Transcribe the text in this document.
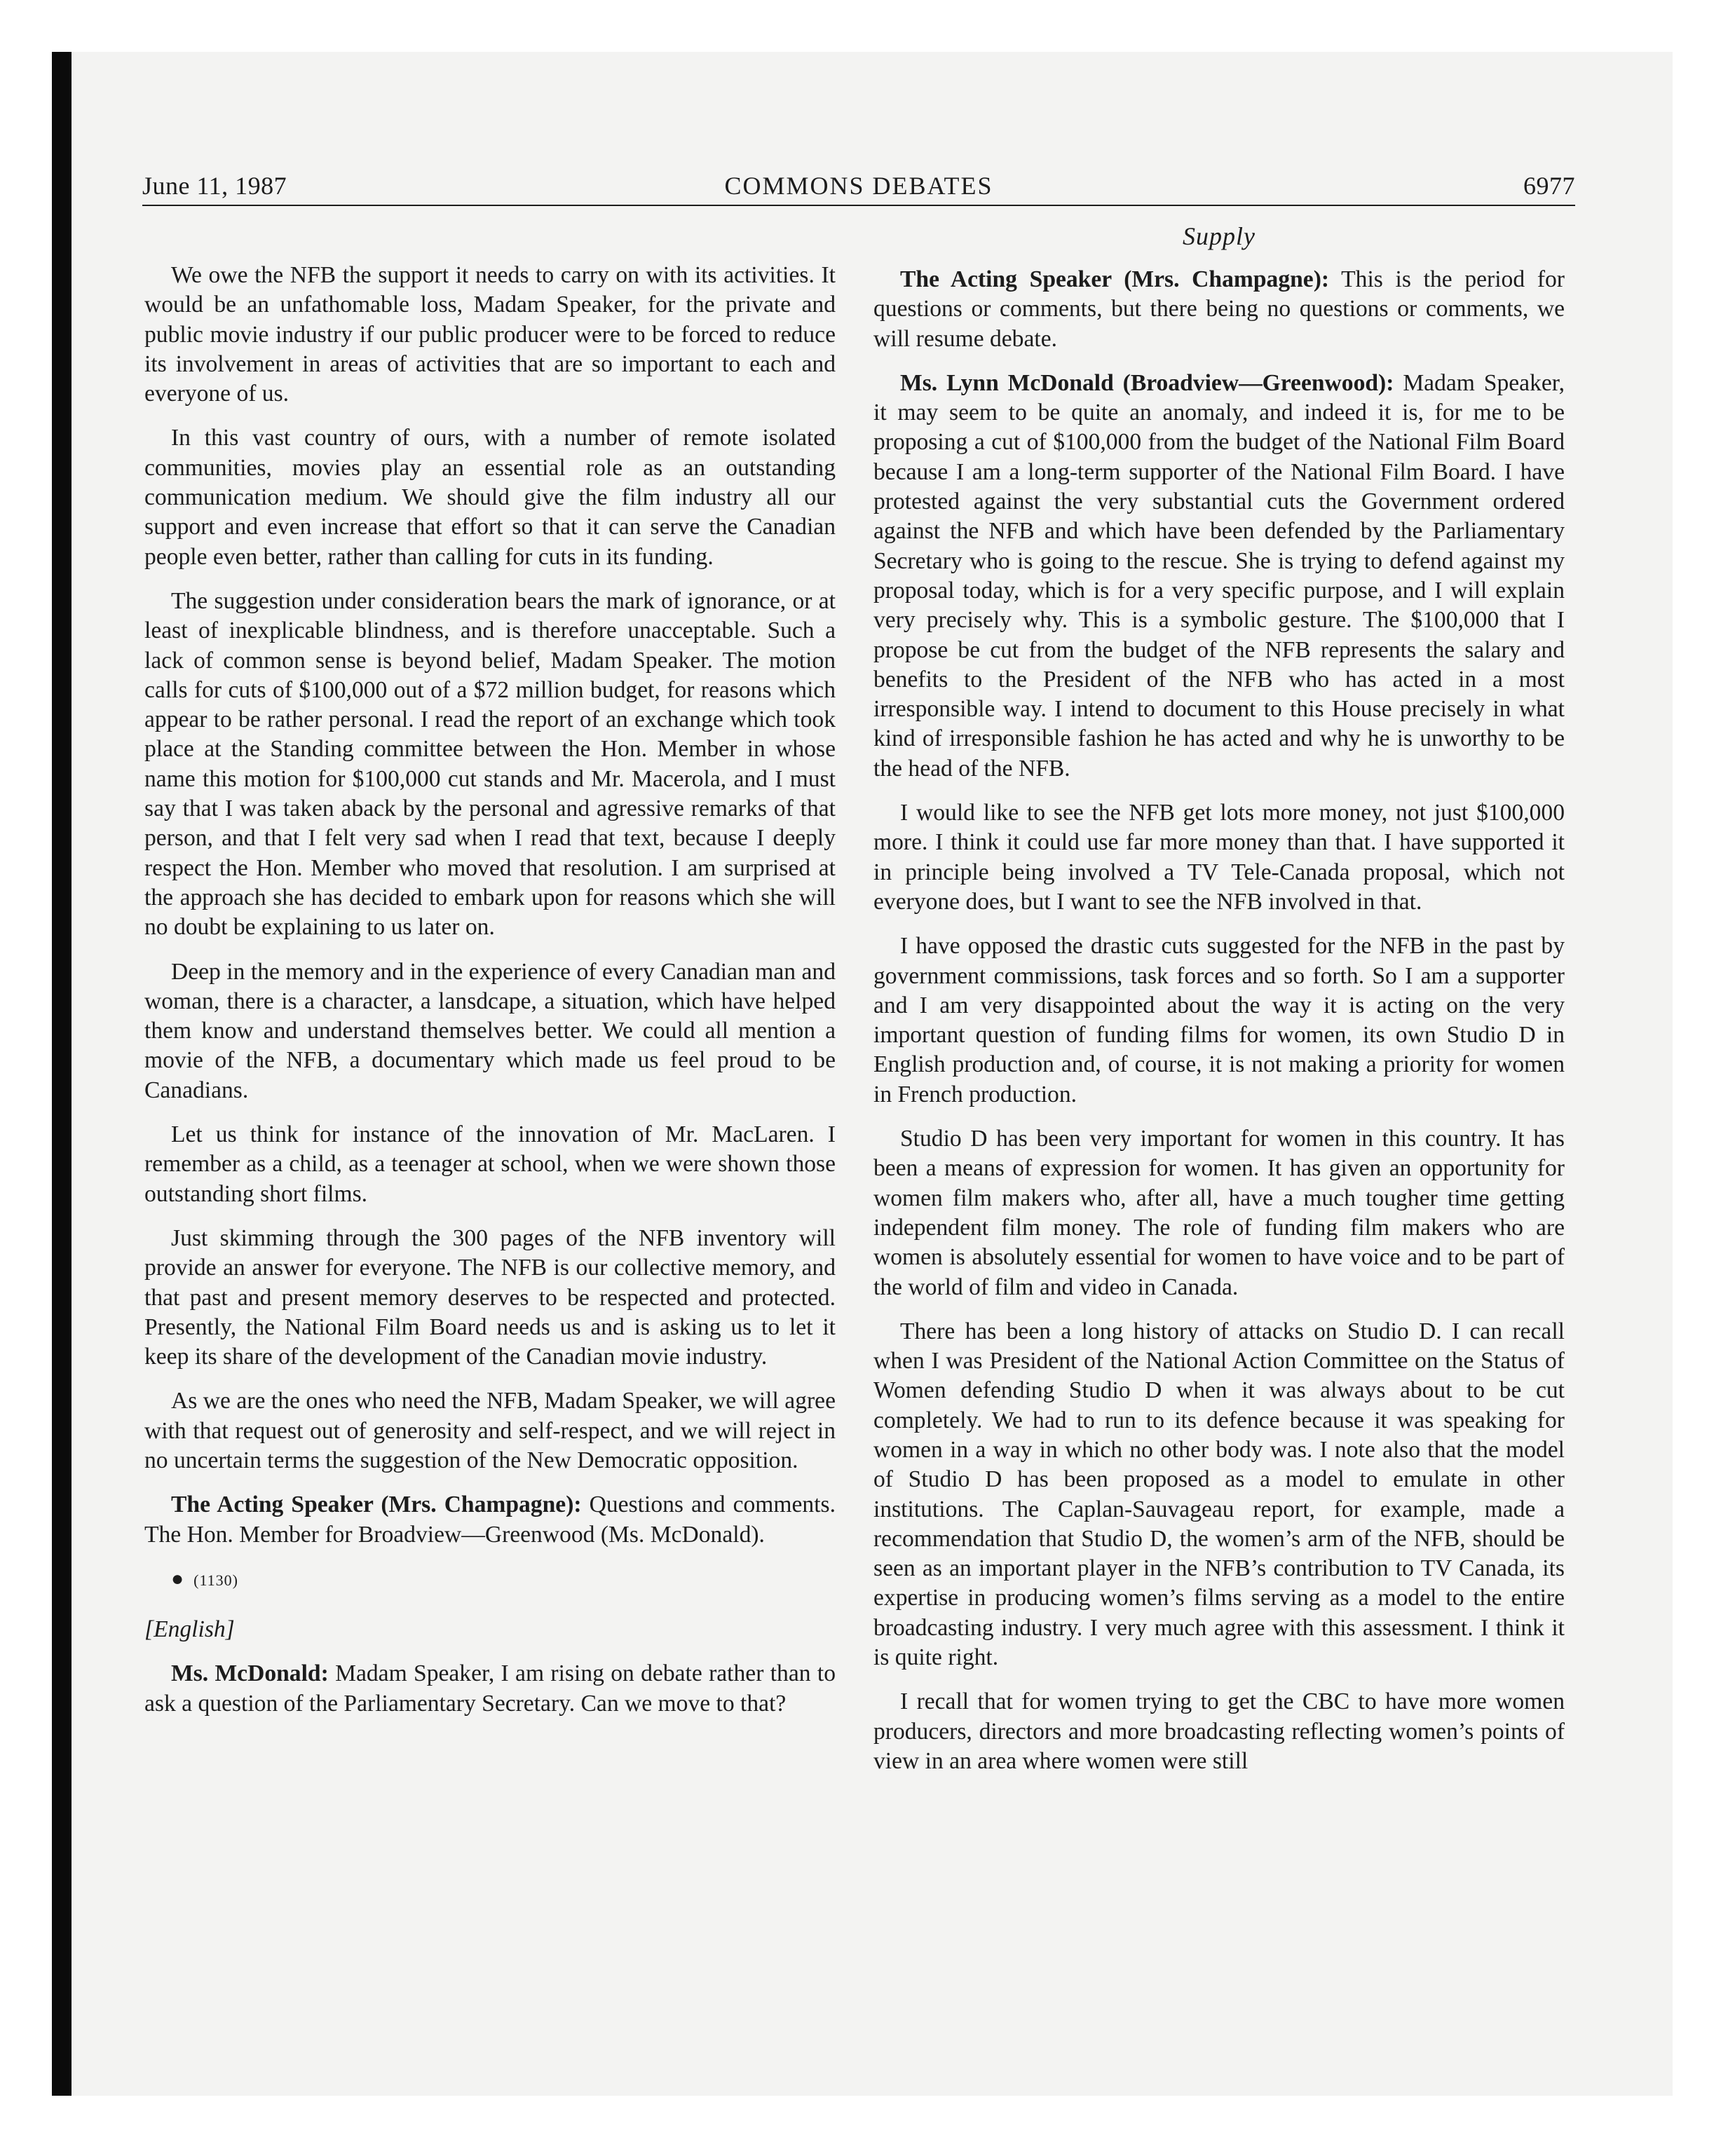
June 11, 1987	COMMONS DEBATES	6977
Supply

We owe the NFB the support it needs to carry on with its activities. It would be an unfathomable loss, Madam Speaker, for the private and public movie industry if our public producer were to be forced to reduce its involvement in areas of activities that are so important to each and everyone of us.

In this vast country of ours, with a number of remote isolated communities, movies play an essential role as an outstanding communication medium. We should give the film industry all our support and even increase that effort so that it can serve the Canadian people even better, rather than calling for cuts in its funding.

The suggestion under consideration bears the mark of ignorance, or at least of inexplicable blindness, and is therefore unacceptable. Such a lack of common sense is beyond belief, Madam Speaker. The motion calls for cuts of $100,000 out of a $72 million budget, for reasons which appear to be rather personal. I read the report of an exchange which took place at the Standing committee between the Hon. Member in whose name this motion for $100,000 cut stands and Mr. Macerola, and I must say that I was taken aback by the personal and agressive remarks of that person, and that I felt very sad when I read that text, because I deeply respect the Hon. Member who moved that resolution. I am surprised at the approach she has decided to embark upon for reasons which she will no doubt be explaining to us later on.

Deep in the memory and in the experience of every Canadian man and woman, there is a character, a lansdcape, a situation, which have helped them know and understand themselves better. We could all mention a movie of the NFB, a documentary which made us feel proud to be Canadians.

Let us think for instance of the innovation of Mr. MacLaren. I remember as a child, as a teenager at school, when we were shown those outstanding short films.

Just skimming through the 300 pages of the NFB inventory will provide an answer for everyone. The NFB is our collective memory, and that past and present memory deserves to be respected and protected. Presently, the National Film Board needs us and is asking us to let it keep its share of the development of the Canadian movie industry.

As we are the ones who need the NFB, Madam Speaker, we will agree with that request out of generosity and self-respect, and we will reject in no uncertain terms the suggestion of the New Democratic opposition.

The Acting Speaker (Mrs. Champagne): Questions and comments. The Hon. Member for Broadview—Greenwood (Ms. McDonald).

● (1130)

[English]

Ms. McDonald: Madam Speaker, I am rising on debate rather than to ask a question of the Parliamentary Secretary. Can we move to that?

The Acting Speaker (Mrs. Champagne): This is the period for questions or comments, but there being no questions or comments, we will resume debate.

Ms. Lynn McDonald (Broadview—Greenwood): Madam Speaker, it may seem to be quite an anomaly, and indeed it is, for me to be proposing a cut of $100,000 from the budget of the National Film Board because I am a long-term supporter of the National Film Board. I have protested against the very substantial cuts the Government ordered against the NFB and which have been defended by the Parliamentary Secretary who is going to the rescue. She is trying to defend against my proposal today, which is for a very specific purpose, and I will explain very precisely why. This is a symbolic gesture. The $100,000 that I propose be cut from the budget of the NFB represents the salary and benefits to the President of the NFB who has acted in a most irresponsible way. I intend to document to this House precisely in what kind of irresponsible fashion he has acted and why he is unworthy to be the head of the NFB.

I would like to see the NFB get lots more money, not just $100,000 more. I think it could use far more money than that. I have supported it in principle being involved a TV Tele-Canada proposal, which not everyone does, but I want to see the NFB involved in that.

I have opposed the drastic cuts suggested for the NFB in the past by government commissions, task forces and so forth. So I am a supporter and I am very disappointed about the way it is acting on the very important question of funding films for women, its own Studio D in English production and, of course, it is not making a priority for women in French production.

Studio D has been very important for women in this country. It has been a means of expression for women. It has given an opportunity for women film makers who, after all, have a much tougher time getting independent film money. The role of funding film makers who are women is absolutely essential for women to have voice and to be part of the world of film and video in Canada.

There has been a long history of attacks on Studio D. I can recall when I was President of the National Action Committee on the Status of Women defending Studio D when it was always about to be cut completely. We had to run to its defence because it was speaking for women in a way in which no other body was. I note also that the model of Studio D has been proposed as a model to emulate in other institutions. The Caplan-Sauvageau report, for example, made a recommendation that Studio D, the women’s arm of the NFB, should be seen as an important player in the NFB’s contribution to TV Canada, its expertise in producing women’s films serving as a model to the entire broadcasting industry. I very much agree with this assessment. I think it is quite right.

I recall that for women trying to get the CBC to have more women producers, directors and more broadcasting reflecting women’s points of view in an area where women were still
